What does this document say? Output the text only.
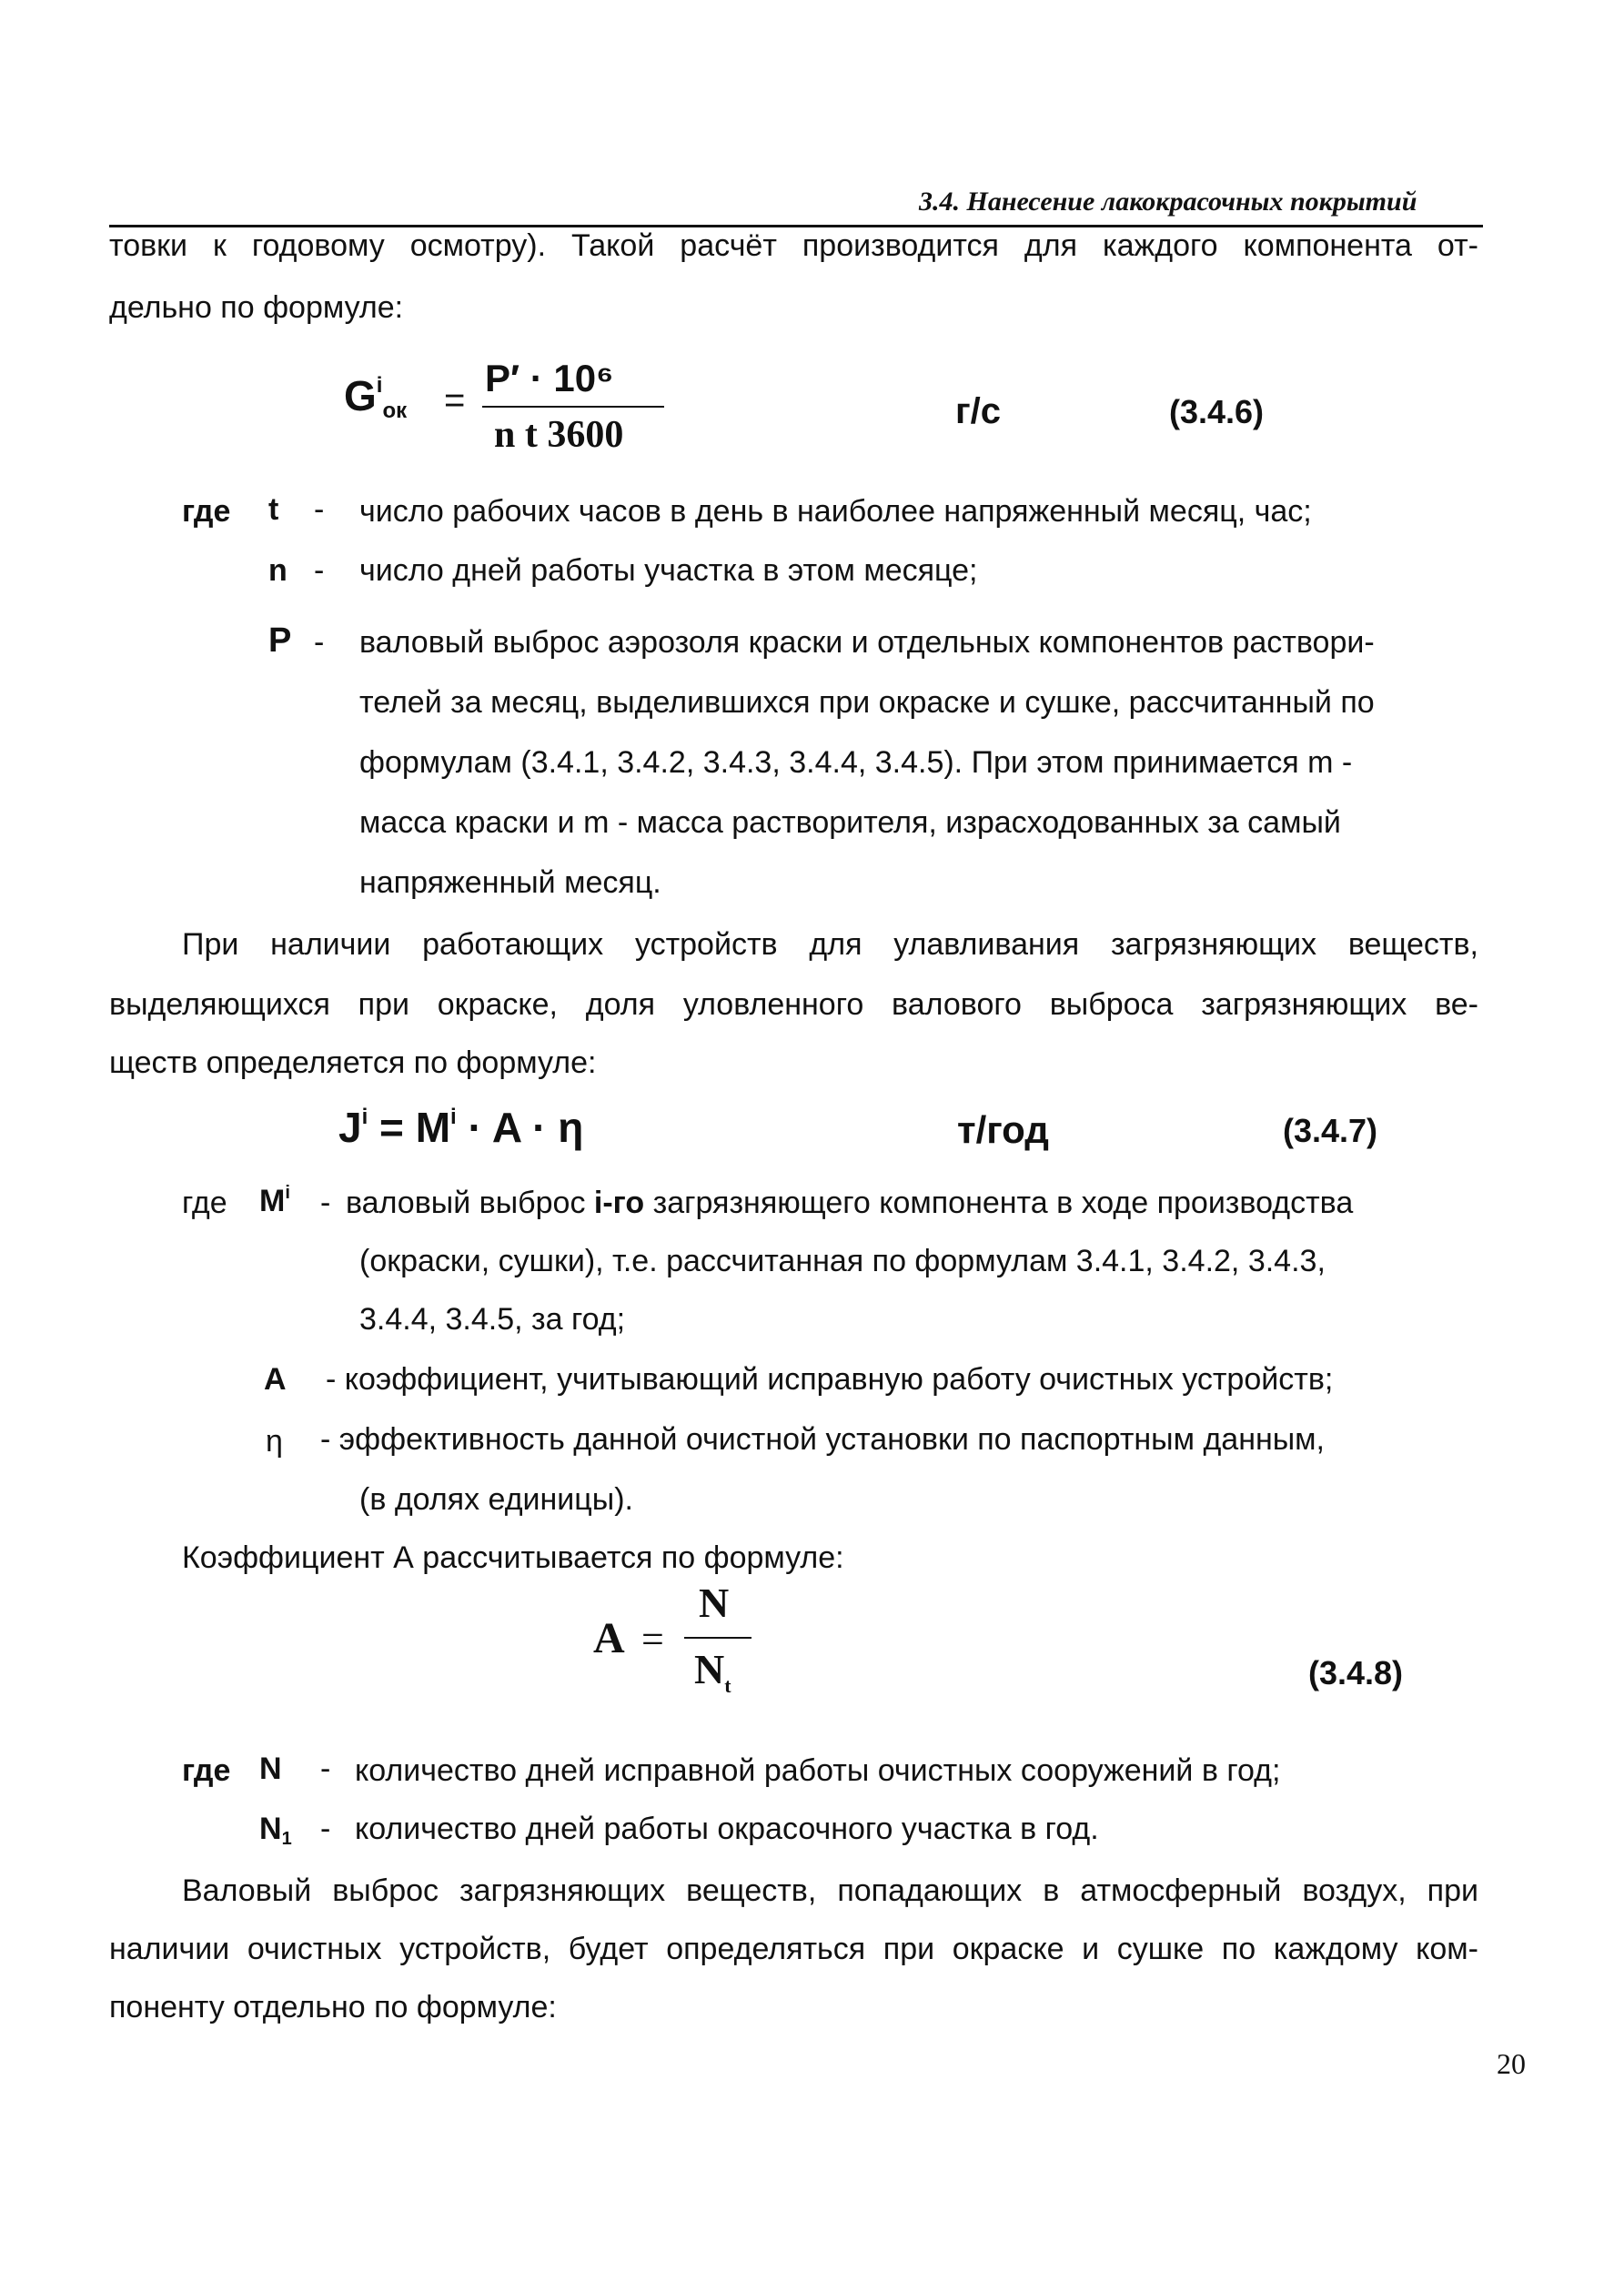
3.4. Нанесение лакокрасочных покрытий
товки к годовому осмотру). Такой расчёт производится для каждого компонента от-
дельно по формуле:
$G^iок$ =
P′ · 10⁶
n t 3600
г/с	(3.4.6)
где t - число рабочих часов в день в наиболее напряженный месяц, час;
n - число дней работы участка в этом месяце;
P - валовый выброс аэрозоля краски и отдельных компонентов раствори-
телей за месяц, выделившихся при окраске и сушке, рассчитанный по
формулам (3.4.1, 3.4.2, 3.4.3, 3.4.4, 3.4.5). При этом принимается m -
масса краски и m - масса растворителя, израсходованных за самый
напряженный месяц.
При наличии работающих устройств для улавливания загрязняющих веществ,
выделяющихся при окраске, доля уловленного валового выброса загрязняющих ве-
ществ определяется по формуле:
$J^i = M^i \cdot A \cdot \eta$	т/год	(3.4.7)
где $M^i$ - валовый выброс i-го загрязняющего компонента в ходе производства
(окраски, сушки), т.е. рассчитанная по формулам 3.4.1, 3.4.2, 3.4.3,
3.4.4, 3.4.5, за год;
A - коэффициент, учитывающий исправную работу очистных устройств;
η - эффективность данной очистной установки по паспортным данным,
(в долях единицы).
Коэффициент А рассчитывается по формуле:
A =
N
$N_t$	(3.4.8)
где N - количество дней исправной работы очистных сооружений в год;
N1 - количество дней работы окрасочного участка в год.
Валовый выброс загрязняющих веществ, попадающих в атмосферный воздух, при
наличии очистных устройств, будет определяться при окраске и сушке по каждому ком-
поненту отдельно по формуле:
20
